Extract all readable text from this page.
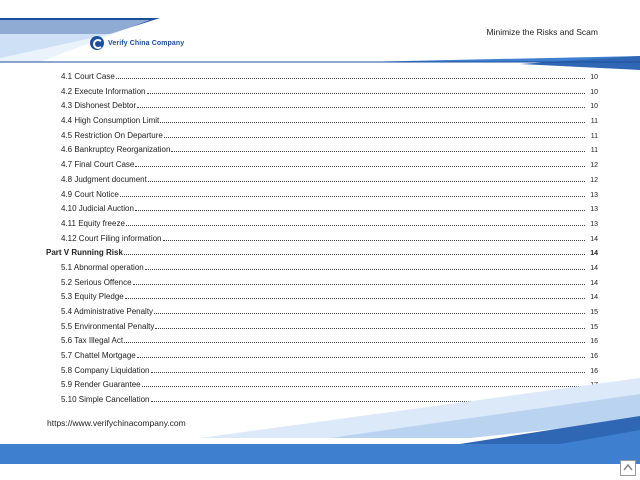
Verify China Company
Minimize the Risks and Scam
4.1 Court Case	10
4.2 Execute Information	10
4.3 Dishonest Debtor	10
4.4 High Consumption Limit	11
4.5 Restriction On Departure	11
4.6 Bankruptcy Reorganization	11
4.7 Final Court Case	12
4.8 Judgment document	12
4.9 Court Notice	13
4.10 Judicial Auction	13
4.11 Equity freeze	13
4.12 Court Filing information	14
Part V Running Risk	14
5.1 Abnormal operation	14
5.2 Serious Offence	14
5.3 Equity Pledge	14
5.4 Administrative Penalty	15
5.5 Environmental Penalty	15
5.6 Tax Illegal Act	16
5.7 Chattel Mortgage	16
5.8 Company Liquidation	16
5.9 Render Guarantee
5.10 Simple Cancellation
https://www.verifychinacompany.com
